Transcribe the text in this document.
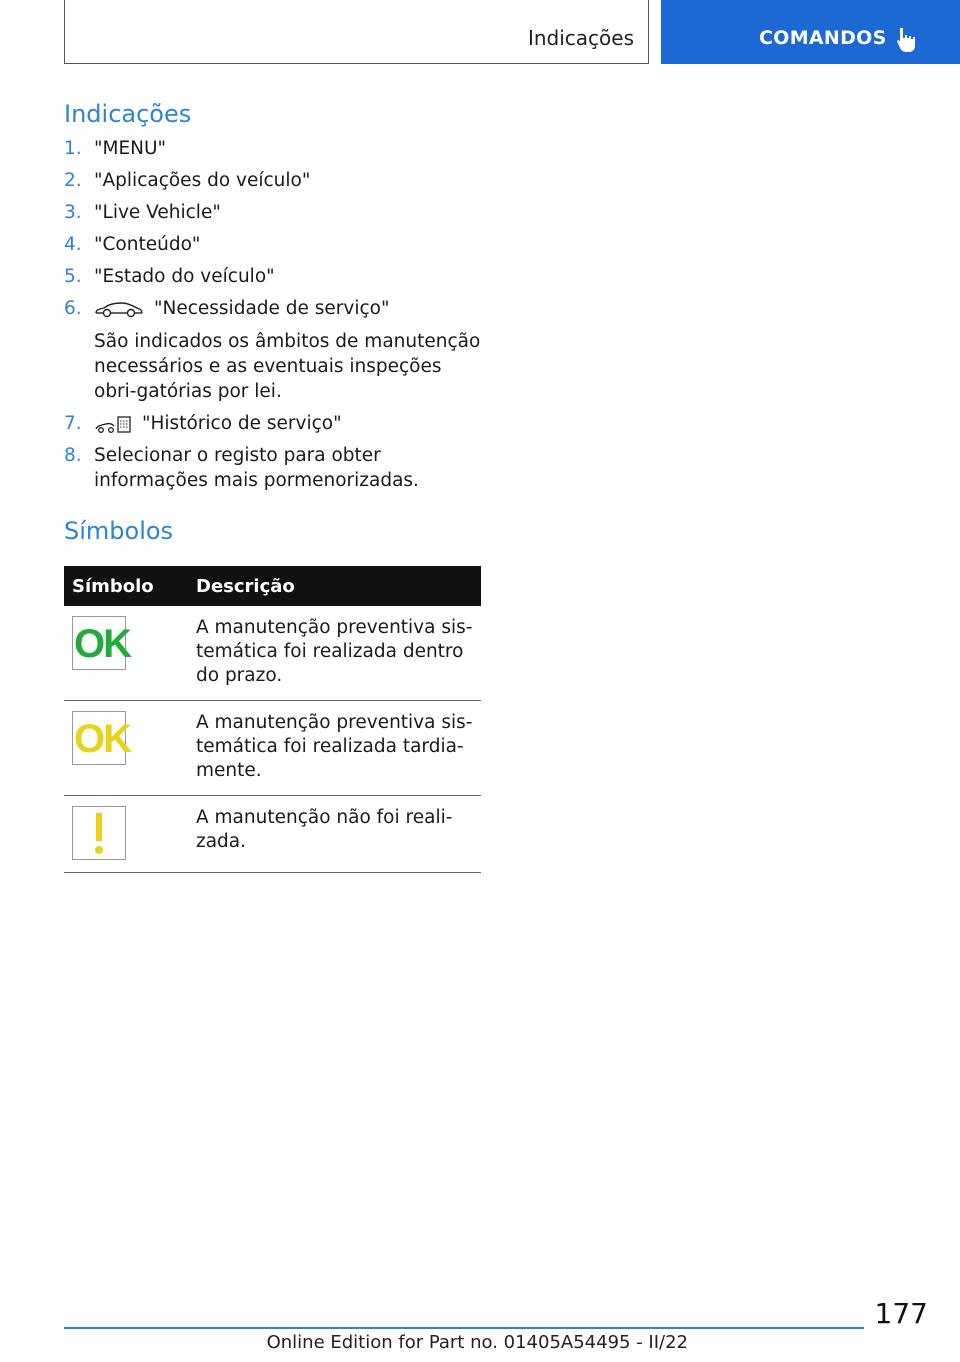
Indicações	COMANDOS
Indicações
1. "MENU"
2. "Aplicações do veículo"
3. "Live Vehicle"
4. "Conteúdo"
5. "Estado do veículo"
6.	"Necessidade de serviço"
São indicados os âmbitos de manutenção necessários e as eventuais inspeções obri-gatórias por lei.
7.	"Histórico de serviço"
8. Selecionar o registo para obter informações mais pormenorizadas.
Símbolos
Símbolo	Descrição

OK	A manutenção preventiva sis-temática foi realizada dentro do prazo.

OK	A manutenção preventiva sis-temática foi realizada tardia-mente.

	A manutenção não foi reali-zada.
177
Online Edition for Part no. 01405A54495 - II/22
